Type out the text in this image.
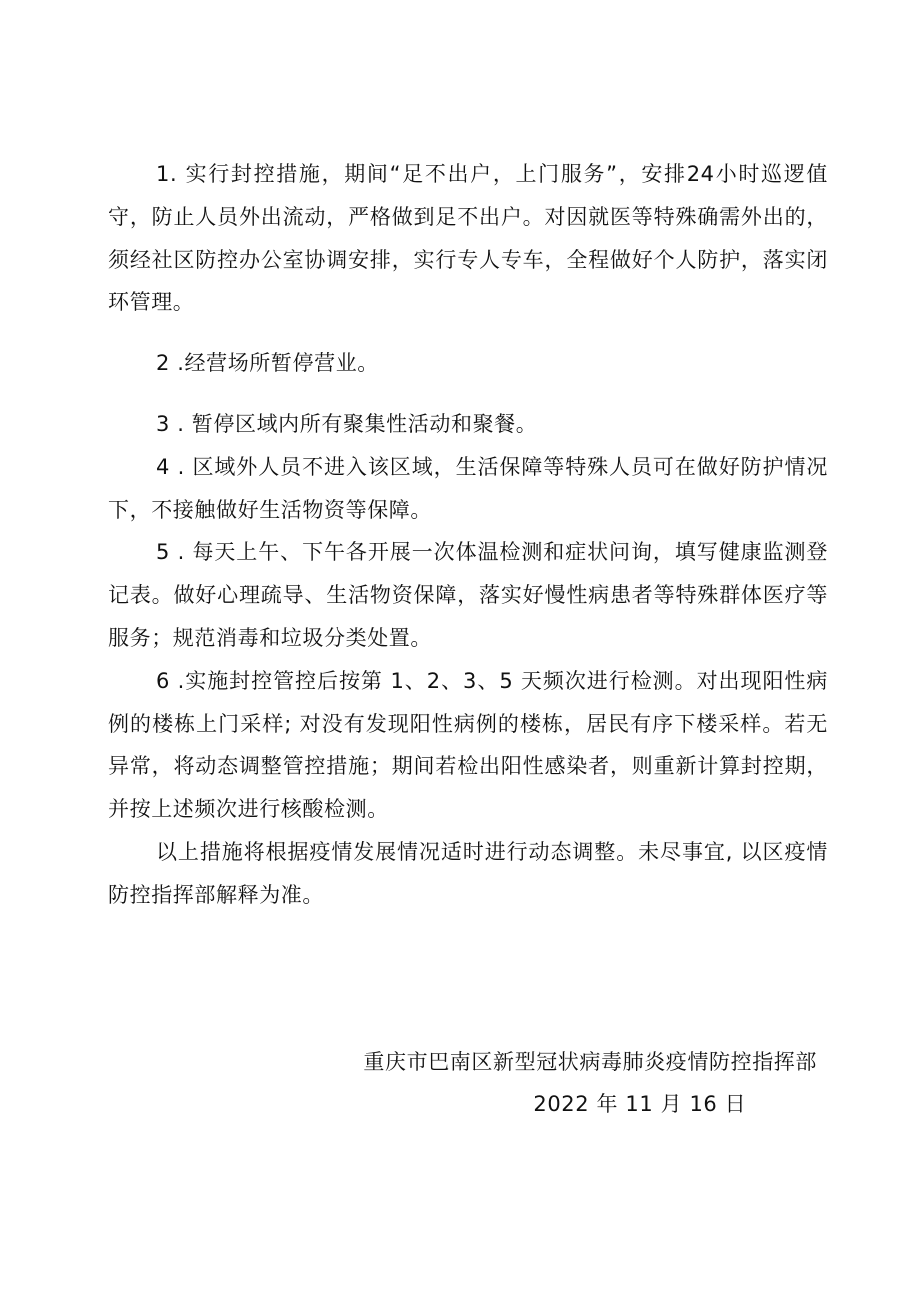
1. 实行封控措施，期间“足不出户，上门服务”，安排24小时巡逻值守，防止人员外出流动，严格做到足不出户。对因就医等特殊确需外出的，须经社区防控办公室协调安排，实行专人专车，全程做好个人防护，落实闭环管理。

2 .经营场所暂停营业。

3 . 暂停区域内所有聚集性活动和聚餐。

4 . 区域外人员不进入该区域，生活保障等特殊人员可在做好防护情况下，不接触做好生活物资等保障。

5 . 每天上午、下午各开展一次体温检测和症状问询，填写健康监测登记表。做好心理疏导、生活物资保障，落实好慢性病患者等特殊群体医疗等服务；规范消毒和垃圾分类处置。

6 .实施封控管控后按第 1、2、3、5 天频次进行检测。对出现阳性病例的楼栋上门采样; 对没有发现阳性病例的楼栋，居民有序下楼采样。若无异常，将动态调整管控措施；期间若检出阳性感染者，则重新计算封控期，并按上述频次进行核酸检测。

以上措施将根据疫情发展情况适时进行动态调整。未尽事宜, 以区疫情防控指挥部解释为准。

重庆市巴南区新型冠状病毒肺炎疫情防控指挥部
2022 年 11 月 16 日
